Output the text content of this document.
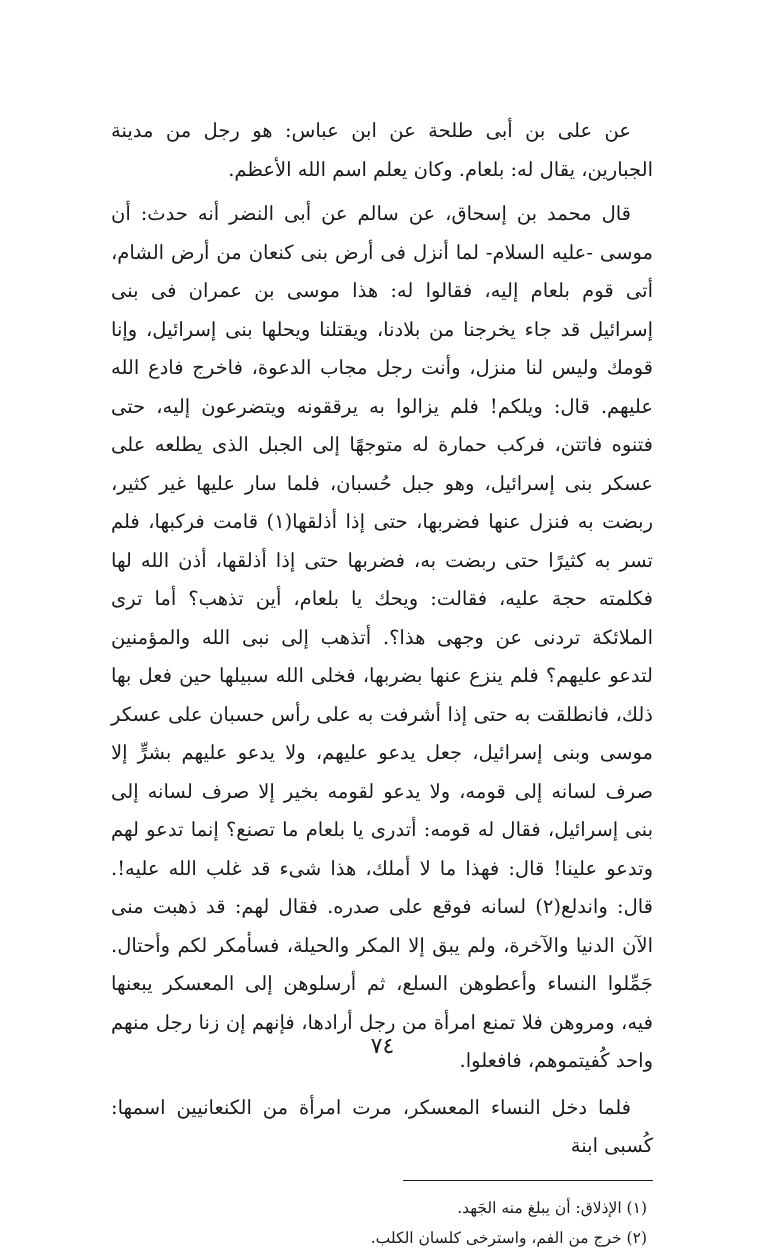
عن على بن أبى طلحة عن ابن عباس: هو رجل من مدينة الجبارين، يقال له: بلعام. وكان يعلم اسم الله الأعظم.

قال محمد بن إسحاق، عن سالم عن أبى النضر أنه حدث: أن موسى -عليه السلام- لما أنزل فى أرض بنى كنعان من أرض الشام، أتى قوم بلعام إليه، فقالوا له: هذا موسى بن عمران فى بنى إسرائيل قد جاء يخرجنا من بلادنا، ويقتلنا ويحلها بنى إسرائيل، وإنا قومك وليس لنا منزل، وأنت رجل مجاب الدعوة، فاخرج فادع الله عليهم. قال: ويلكم! فلم يزالوا به يرققونه ويتضرعون إليه، حتى فتنوه فاتتن، فركب حمارة له متوجهًا إلى الجبل الذى يطلعه على عسكر بنى إسرائيل، وهو جبل حُسبان، فلما سار عليها غير كثير، ربضت به فنزل عنها فضربها، حتى إذا أذلقها(١) قامت فركبها، فلم تسر به كثيرًا حتى ربضت به، فضربها حتى إذا أذلقها، أذن الله لها فكلمته حجة عليه، فقالت: ويحك يا بلعام، أين تذهب؟ أما ترى الملائكة تردنى عن وجهى هذا؟. أتذهب إلى نبى الله والمؤمنين لتدعو عليهم؟ فلم ينزع عنها بضربها، فخلى الله سبيلها حين فعل بها ذلك، فانطلقت به حتى إذا أشرفت به على رأس حسبان على عسكر موسى وبنى إسرائيل، جعل يدعو عليهم، ولا يدعو عليهم بشرٍّ إلا صرف لسانه إلى قومه، ولا يدعو لقومه بخير إلا صرف لسانه إلى بنى إسرائيل، فقال له قومه: أتدرى يا بلعام ما تصنع؟ إنما تدعو لهم وتدعو علينا! قال: فهذا ما لا أملك، هذا شىء قد غلب الله عليه!. قال: واندلع(٢) لسانه فوقع على صدره. فقال لهم: قد ذهبت منى الآن الدنيا والآخرة، ولم يبق إلا المكر والحيلة، فسأمكر لكم وأحتال. جَمِّلوا النساء وأعطوهن السلع، ثم أرسلوهن إلى المعسكر يبعنها فيه، ومروهن فلا تمنع امرأة من رجل أرادها، فإنهم إن زنا رجل منهم واحد كُفيتموهم، فافعلوا.

فلما دخل النساء المعسكر، مرت امرأة من الكنعانيين اسمها: كُسبى ابنة

(١) الإذلاق: أن يبلغ منه الجَهد.

(٢) خرج من الفم، واسترخى كلسان الكلب.

٧٤
